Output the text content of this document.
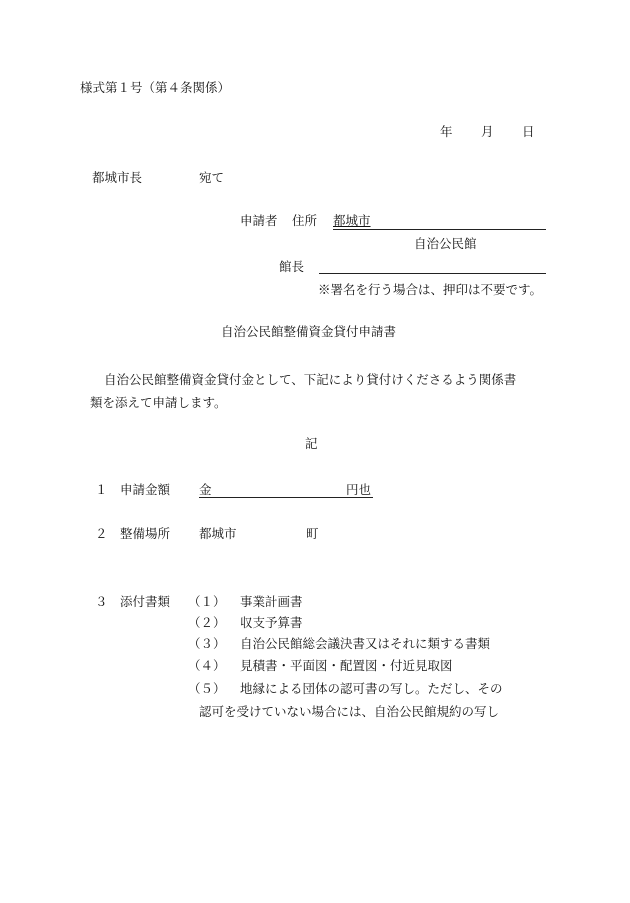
様式第１号（第４条関係）
年 月 日
都城市長	宛て
申請者 住所 都城市
自治公民館
館長
※署名を行う場合は、押印は不要です。
自治公民館整備資金貸付申請書
自治公民館整備資金貸付金として、下記により貸付けくださるよう関係書
類を添えて申請します。
記
１ 申請金額 金	円也
２ 整備場所 都城市	町
３ 添付書類 （１） 事業計画書
（２） 収支予算書
（３） 自治公民館総会議決書又はそれに類する書類
（４） 見積書・平面図・配置図・付近見取図
（５） 地縁による団体の認可書の写し。ただし、その
認可を受けていない場合には、自治公民館規約の写し
